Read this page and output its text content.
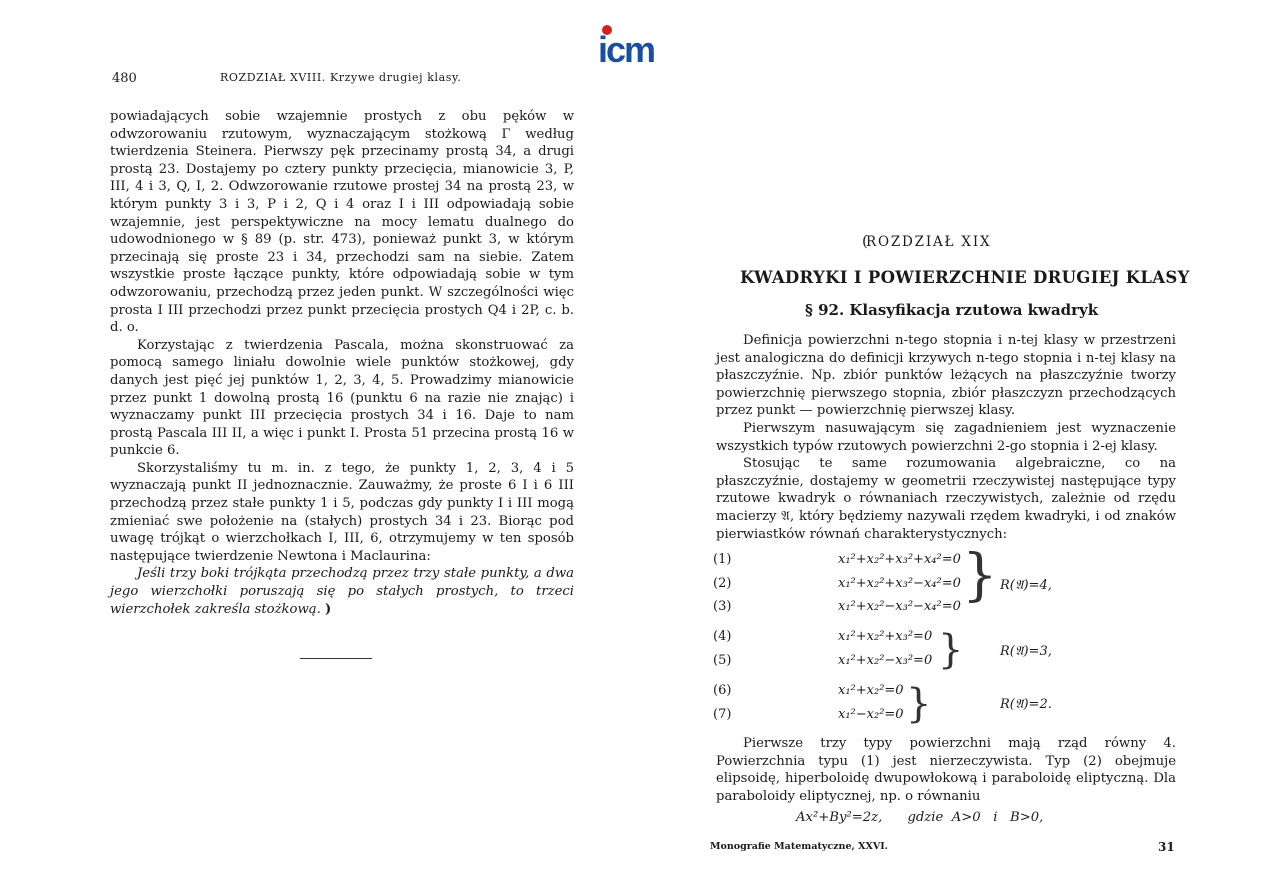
icm
480	ROZDZIAŁ XVIII. Krzywe drugiej klasy.

powiadających sobie wzajemnie prostych z obu pęków w odwzorowaniu rzutowym, wyznaczającym stożkową Γ według twierdzenia Steinera. Pierwszy pęk przecinamy prostą 34, a drugi prostą 23. Dostajemy po cztery punkty przecięcia, mianowicie 3, P, III, 4 i 3, Q, I, 2. Odwzorowanie rzutowe prostej 34 na prostą 23, w którym punkty 3 i 3, P i 2, Q i 4 oraz I i III odpowiadają sobie wzajemnie, jest perspektywiczne na mocy lematu dualnego do udowodnionego w § 89 (p. str. 473), ponieważ punkt 3, w którym przecinają się proste 23 i 34, przechodzi sam na siebie. Zatem wszystkie proste łączące punkty, które odpowiadają sobie w tym odwzorowaniu, przechodzą przez jeden punkt. W szczególności więc prosta I III przechodzi przez punkt przecięcia prostych Q4 i 2P, c. b. d. o.

Korzystając z twierdzenia Pascala, można skonstruować za pomocą samego liniału dowolnie wiele punktów stożkowej, gdy danych jest pięć jej punktów 1, 2, 3, 4, 5. Prowadzimy mianowicie przez punkt 1 dowolną prostą 16 (punktu 6 na razie nie znając) i wyznaczamy punkt III przecięcia prostych 34 i 16. Daje to nam prostą Pascala III II, a więc i punkt I. Prosta 51 przecina prostą 16 w punkcie 6.

Skorzystaliśmy tu m. in. z tego, że punkty 1, 2, 3, 4 i 5 wyznaczają punkt II jednoznacznie. Zauważmy, że proste 6 I i 6 III przechodzą przez stałe punkty 1 i 5, podczas gdy punkty I i III mogą zmieniać swe położenie na (stałych) prostych 34 i 23. Biorąc pod uwagę trójkąt o wierzchołkach I, III, 6, otrzymujemy w ten sposób następujące twierdzenie Newtona i Maclaurina:

Jeśli trzy boki trójkąta przechodzą przez trzy stałe punkty, a dwa jego wierzchołki poruszają się po stałych prostych, to trzeci wierzchołek zakreśla stożkową. )

(
ROZDZIAŁ XIX
KWADRYKI I POWIERZCHNIE DRUGIEJ KLASY
§ 92. Klasyfikacja rzutowa kwadryk

Definicja powierzchni n-tego stopnia i n-tej klasy w przestrzeni jest analogiczna do definicji krzywych n-tego stopnia i n-tej klasy na płaszczyźnie. Np. zbiór punktów leżących na płaszczyźnie tworzy powierzchnię pierwszego stopnia, zbiór płaszczyzn przechodzących przez punkt — powierzchnię pierwszej klasy.

Pierwszym nasuwającym się zagadnieniem jest wyznaczenie wszystkich typów rzutowych powierzchni 2-go stopnia i 2-ej klasy.

Stosując te same rozumowania algebraiczne, co na płaszczyźnie, dostajemy w geometrii rzeczywistej następujące typy rzutowe kwadryk o równaniach rzeczywistych, zależnie od rzędu macierzy 𝔄, który będziemy nazywali rzędem kwadryki, i od znaków pierwiastków równań charakterystycznych:

(1)	x₁²+x₂²+x₃²+x₄²=0
(2)	x₁²+x₂²+x₃²−x₄²=0
(3)	x₁²+x₂²−x₃²−x₄²=0 } R(𝔄)=4,
(4)	x₁²+x₂²+x₃²=0
(5)	x₁²+x₂²−x₃²=0 }	R(𝔄)=3,
(6)	x₁²+x₂²=0
(7)	x₁²−x₂²=0 }	R(𝔄)=2.

Pierwsze trzy typy powierzchni mają rząd równy 4. Powierzchnia typu (1) jest nierzeczywista. Typ (2) obejmuje elipsoidę, hiperboloidę dwupowłokową i paraboloidę eliptyczną. Dla paraboloidy eliptycznej, np. o równaniu

Ax²+By²=2z,      gdzie  A>0   i   B>0,
Monografie Matematyczne, XXVI.	31
